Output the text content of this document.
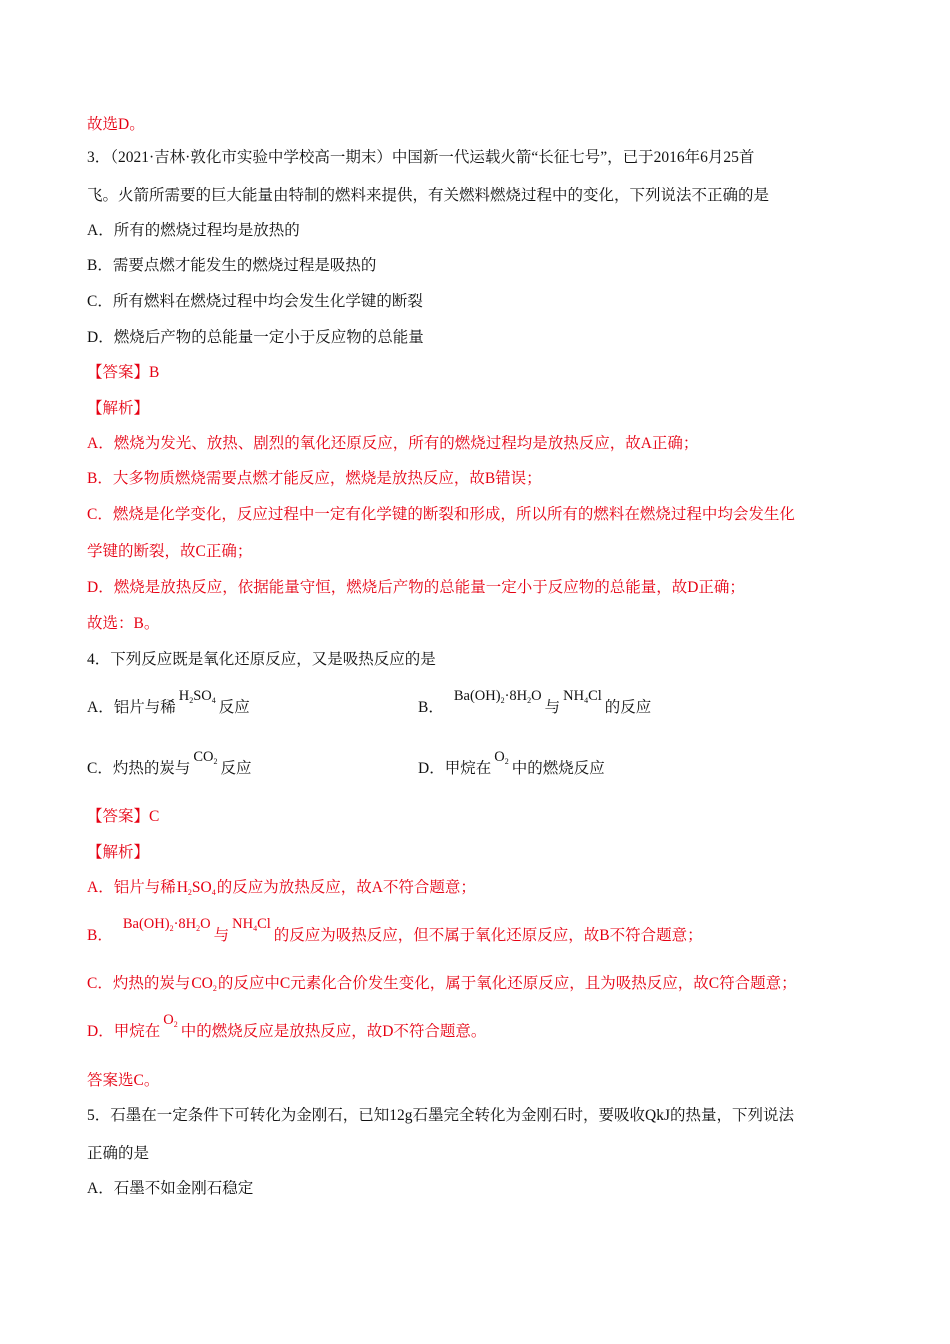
故选D。
3．（2021·吉林·敦化市实验中学校高一期末）中国新一代运载火箭“长征七号”，已于2016年6月25首
飞。火箭所需要的巨大能量由特制的燃料来提供，有关燃料燃烧过程中的变化，下列说法不正确的是
A．所有的燃烧过程均是放热的
B．需要点燃才能发生的燃烧过程是吸热的
C．所有燃料在燃烧过程中均会发生化学键的断裂
D．燃烧后产物的总能量一定小于反应物的总能量
【答案】B
【解析】
A．燃烧为发光、放热、剧烈的氧化还原反应，所有的燃烧过程均是放热反应，故A正确；
B．大多物质燃烧需要点燃才能反应，燃烧是放热反应，故B错误；
C．燃烧是化学变化，反应过程中一定有化学键的断裂和形成，所以所有的燃料在燃烧过程中均会发生化
学键的断裂，故C正确；
D．燃烧是放热反应，依据能量守恒，燃烧后产物的总能量一定小于反应物的总能量，故D正确；
故选：B。
4．下列反应既是氧化还原反应，又是吸热反应的是
A．铝片与稀$H_2SO_4$ 反应	B．$Ba(OH)_2\cdot 8H_2O$与$NH_4Cl$的反应
C．灼热的炭与$CO_2$ 反应	D．甲烷在$O_2$ 中的燃烧反应
【答案】C
【解析】
A．铝片与稀$H_2SO_4$的反应为放热反应，故A不符合题意；
B．$Ba(OH)_2\cdot 8H_2O$与$NH_4Cl$的反应为吸热反应，但不属于氧化还原反应，故B不符合题意；
C．灼热的炭与$CO_2$的反应中C元素化合价发生变化，属于氧化还原反应，且为吸热反应，故C符合题意；
D．甲烷在$O_2$ 中的燃烧反应是放热反应，故D不符合题意。
答案选C。
5．石墨在一定条件下可转化为金刚石，已知12g石墨完全转化为金刚石时，要吸收QkJ的热量，下列说法
正确的是
A．石墨不如金刚石稳定
